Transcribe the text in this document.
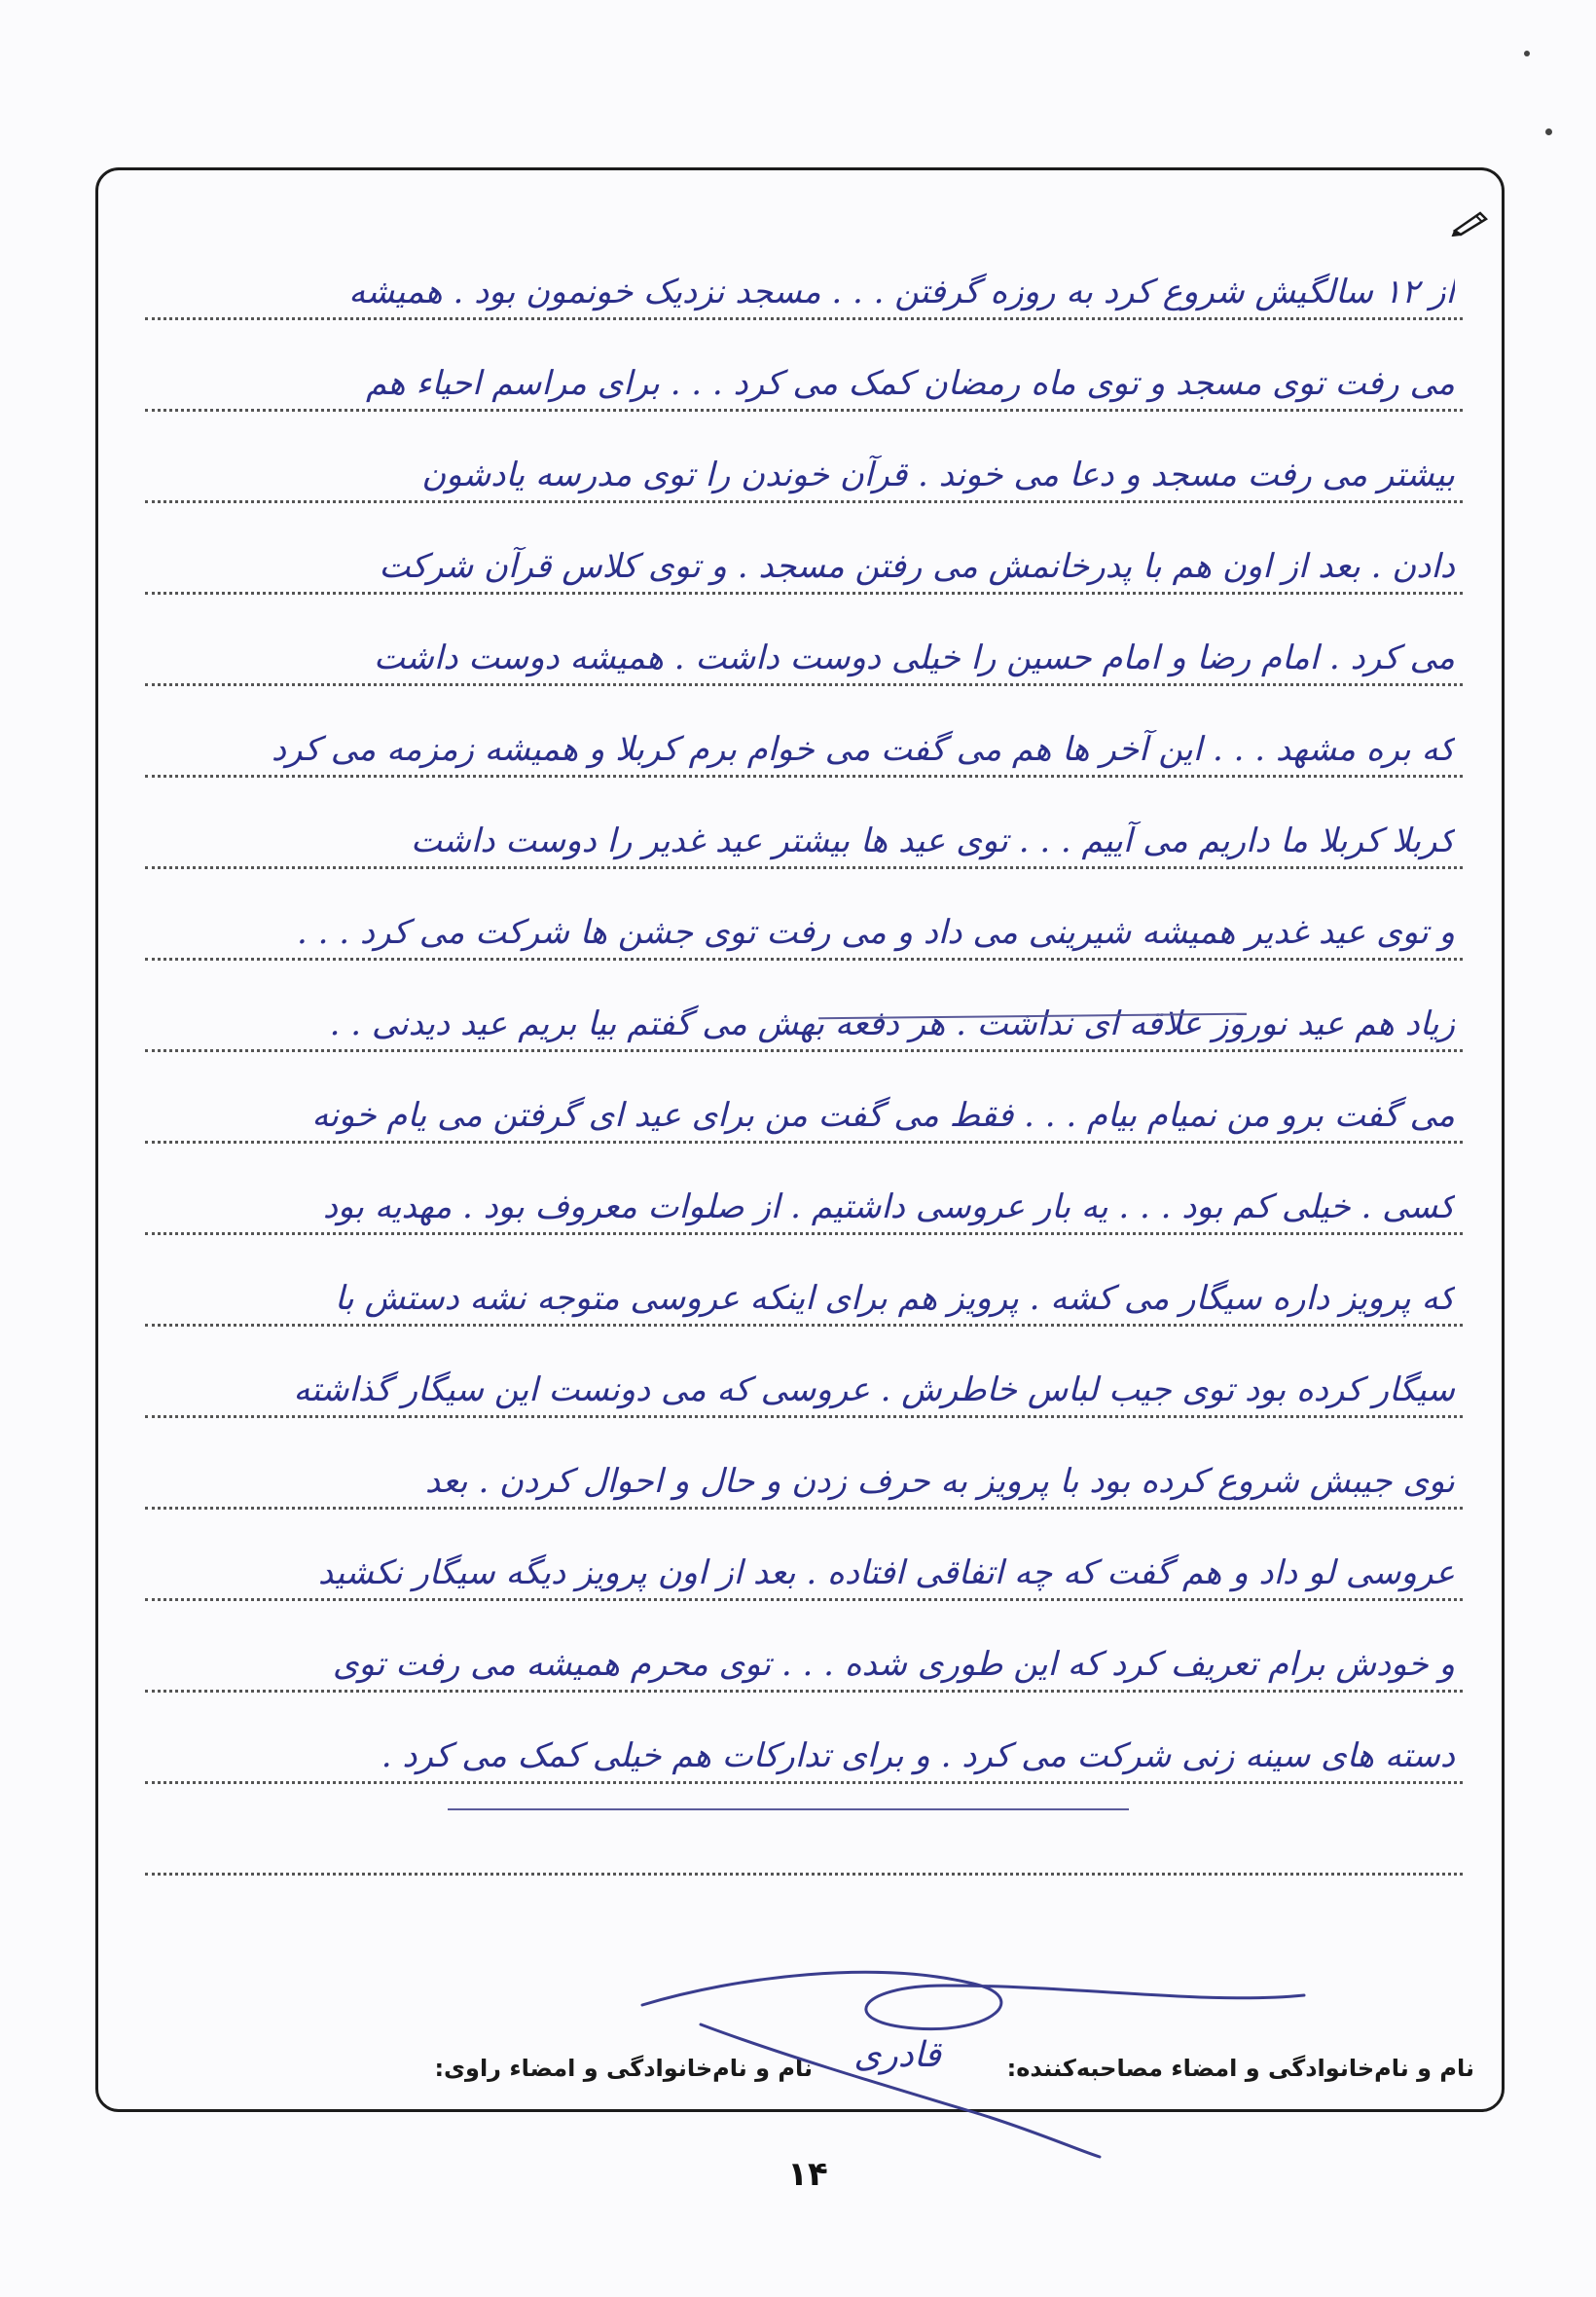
از ۱۲ سالگیش شروع کرد به روزه گرفتن . . . مسجد نزدیک خونمون بود . همیشه
می رفت توی مسجد و توی ماه رمضان کمک می کرد . . . برای مراسم احیاء هم
بیشتر می رفت مسجد و دعا می خوند . قرآن خوندن را توی مدرسه یادشون
دادن . بعد از اون هم با پدرخانمش می رفتن مسجد . و توی کلاس قرآن شرکت
می کرد . امام رضا و امام حسین را خیلی دوست داشت . همیشه دوست داشت
که بره مشهد . . . این آخر ها هم می گفت می خوام برم کربلا و همیشه زمزمه می کرد
کربلا کربلا ما داریم می آییم . . . توی عید ها بیشتر عید غدیر را دوست داشت
و توی عید غدیر همیشه شیرینی می داد و می رفت توی جشن ها شرکت می کرد . . .
زیاد هم عید نوروز علاقه ای نداشت . هر دفعه بهش می گفتم بیا بریم عید دیدنی . .
می گفت برو من نمیام بیام . . . فقط می گفت من برای عید ای گرفتن می یام خونه
کسی . خیلی کم بود . . . یه بار عروسی داشتیم . از صلوات معروف بود . مهدیه بود
که پرویز داره سیگار می کشه . پرویز هم برای اینکه عروسی متوجه نشه دستش با
سیگار کرده بود توی جیب لباس خاطرش . عروسی که می دونست این سیگار گذاشته
توی جیبش شروع کرده بود با پرویز به حرف زدن و حال و احوال کردن . بعد
عروسی لو داد و هم گفت که چه اتفاقی افتاده . بعد از اون پرویز دیگه سیگار نکشید
و خودش برام تعریف کرد که این طوری شده . . . توی محرم همیشه می رفت توی
دسته های سینه زنی شرکت می کرد . و برای تدارکات هم خیلی کمک می کرد .
نام و نام‌خانوادگی و امضاء مصاحبه‌کننده:
قادری
نام و نام‌خانوادگی و امضاء راوی:
۱۴
